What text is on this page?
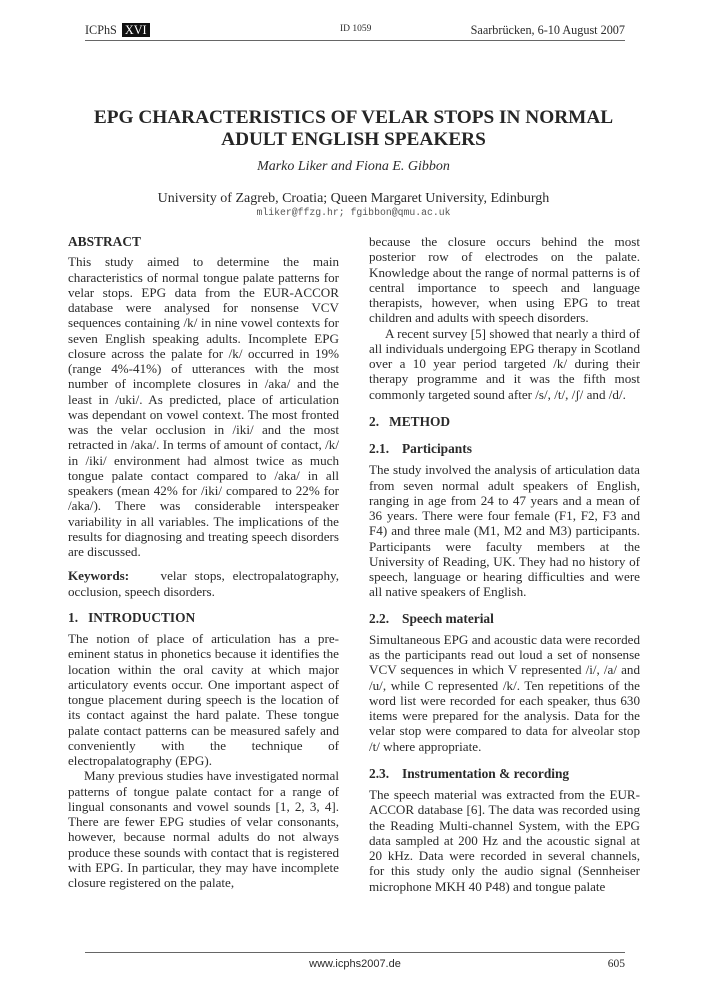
ICPhS XVI	ID 1059	Saarbrücken, 6-10 August 2007
EPG CHARACTERISTICS OF VELAR STOPS IN NORMAL ADULT ENGLISH SPEAKERS
Marko Liker and Fiona E. Gibbon
University of Zagreb, Croatia; Queen Margaret University, Edinburgh
mliker@ffzg.hr; fgibbon@qmu.ac.uk

ABSTRACT

This study aimed to determine the main characteristics of normal tongue palate patterns for velar stops. EPG data from the EUR-ACCOR database were analysed for nonsense VCV sequences containing /k/ in nine vowel contexts for seven English speaking adults. Incomplete EPG closure across the palate for /k/ occurred in 19% (range 4%-41%) of utterances with the most number of incomplete closures in /aka/ and the least in /uki/. As predicted, place of articulation was dependant on vowel context. The most fronted was the velar occlusion in /iki/ and the most retracted in /aka/. In terms of amount of contact, /k/ in /iki/ environment had almost twice as much tongue palate contact compared to /aka/ in all speakers (mean 42% for /iki/ compared to 22% for /aka/). There was considerable interspeaker variability in all variables. The implications of the results for diagnosing and treating speech disorders are discussed.

Keywords: velar stops, electropalatography, occlusion, speech disorders.

1.   INTRODUCTION

The notion of place of articulation has a pre-eminent status in phonetics because it identifies the location within the oral cavity at which major articulatory events occur. One important aspect of tongue placement during speech is the location of its contact against the hard palate. These tongue palate contact patterns can be measured safely and conveniently with the technique of electropalatography (EPG).

Many previous studies have investigated normal patterns of tongue palate contact for a range of lingual consonants and vowel sounds [1, 2, 3, 4]. There are fewer EPG studies of velar consonants, however, because normal adults do not always produce these sounds with contact that is registered with EPG. In particular, they may have incomplete closure registered on the palate,

because the closure occurs behind the most posterior row of electrodes on the palate. Knowledge about the range of normal patterns is of central importance to speech and language therapists, however, when using EPG to treat children and adults with speech disorders.

A recent survey [5] showed that nearly a third of all individuals undergoing EPG therapy in Scotland over a 10 year period targeted /k/ during their therapy programme and it was the fifth most commonly targeted sound after /s/, /t/, /ʃ/ and /d/.

2.   METHOD

2.1. Participants

The study involved the analysis of articulation data from seven normal adult speakers of English, ranging in age from 24 to 47 years and a mean of 36 years. There were four female (F1, F2, F3 and F4) and three male (M1, M2 and M3) participants. Participants were faculty members at the University of Reading, UK. They had no history of speech, language or hearing difficulties and were all native speakers of English.

2.2. Speech material

Simultaneous EPG and acoustic data were recorded as the participants read out loud a set of nonsense VCV sequences in which V represented /i/, /a/ and /u/, while C represented /k/. Ten repetitions of the word list were recorded for each speaker, thus 630 items were prepared for the analysis. Data for the velar stop were compared to data for alveolar stop /t/ where appropriate.

2.3. Instrumentation & recording

The speech material was extracted from the EUR-ACCOR database [6]. The data was recorded using the Reading Multi-channel System, with the EPG data sampled at 200 Hz and the acoustic signal at 20 kHz. Data were recorded in several channels, for this study only the audio signal (Sennheiser microphone MKH 40 P48) and tongue palate

www.icphs2007.de	605
